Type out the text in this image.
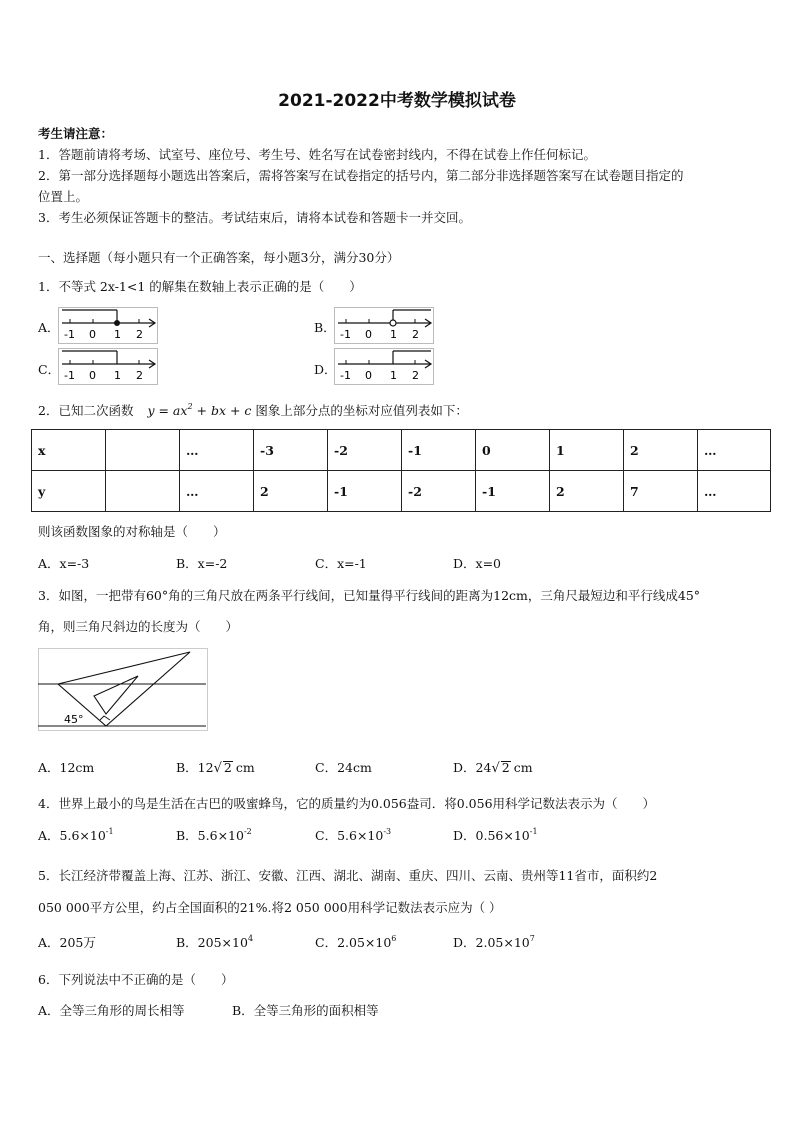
2021-2022中考数学模拟试卷
考生请注意：
1．答题前请将考场、试室号、座位号、考生号、姓名写在试卷密封线内，不得在试卷上作任何标记。
2．第一部分选择题每小题选出答案后，需将答案写在试卷指定的括号内，第二部分非选择题答案写在试卷题目指定的
位置上。
3．考生必须保证答题卡的整洁。考试结束后，请将本试卷和答题卡一并交回。
一、选择题（每小题只有一个正确答案，每小题3分，满分30分）
1．不等式 2x-1<1 的解集在数轴上表示正确的是（　　）
A． -1 0 1 2	B． -1 0 1 2
C． -1 0 1 2	D． -1 0 1 2
2．已知二次函数 $y = ax^2$ + bx + c 图象上部分点的坐标对应值列表如下：
x		…	-3	-2	-1	0	1	2	…
y		…	2	-1	-2	-1	2	7	…
则该函数图象的对称轴是（　　）
A．x=-3	B．x=-2	C．x=-1	D．x=0
3．如图，一把带有60°角的三角尺放在两条平行线间，已知量得平行线间的距离为12cm，三角尺最短边和平行线成45°
角，则三角尺斜边的长度为（　　）
45°
A．12cm	B．12√ 2 cm	C．24cm	D．24√ 2 cm
4．世界上最小的鸟是生活在古巴的吸蜜蜂鸟，它的质量约为0.056盎司．将0.056用科学记数法表示为（　　）
A．$5.6\times 10^{-1}$	B．$5.6\times 10^{-2}$	C．$5.6\times 10^{-3}$	D．$0.56\times 10^{-1}$
5．长江经济带覆盖上海、江苏、浙江、安徽、江西、湖北、湖南、重庆、四川、云南、贵州等11省市，面积约2
050 000平方公里，约占全国面积的21%.将2 050 000用科学记数法表示应为（ ）
A．205万	B．$205\times 10^4$	C．$2.05\times 10^6$	D．$2.05\times 10^7$
6．下列说法中不正确的是（　　）
A．全等三角形的周长相等	B．全等三角形的面积相等
